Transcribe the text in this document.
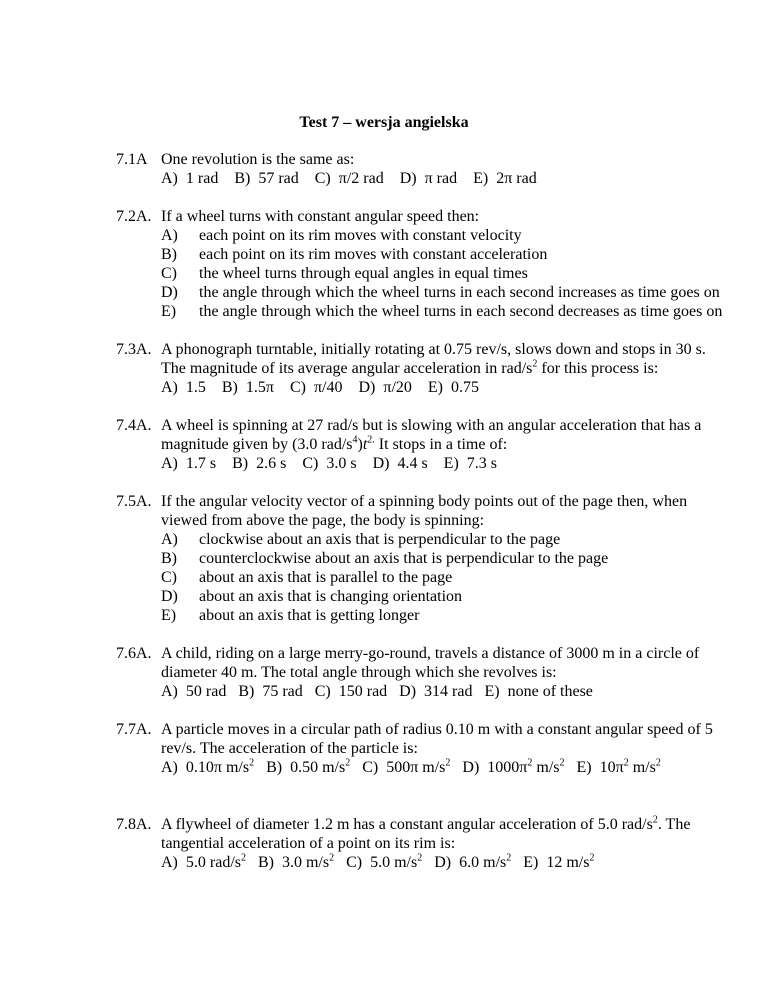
Test 7 – wersja angielska
7.1A One revolution is the same as:
A)  1 rad    B)  57 rad    C)  π/2 rad    D)  π rad    E)  2π rad
7.2A. If a wheel turns with constant angular speed then:
A)	each point on its rim moves with constant velocity
B)	each point on its rim moves with constant acceleration
C)	the wheel turns through equal angles in equal times
D)	the angle through which the wheel turns in each second increases as time goes on
E)	the angle through which the wheel turns in each second decreases as time goes on
7.3A. A phonograph turntable, initially rotating at 0.75 rev/s, slows down and stops in 30 s.
The magnitude of its average angular acceleration in rad/$s^2$ for this process is:
A)  1.5    B)  1.5π    C)  π/40    D)  π/20    E)  0.75
7.4A. A wheel is spinning at 27 rad/s but is slowing with an angular acceleration that has a
magnitude given by (3.0 rad/$s^4)t^{2.}$ It stops in a time of:
A)  1.7 s    B)  2.6 s    C)  3.0 s    D)  4.4 s    E)  7.3 s
7.5A. If the angular velocity vector of a spinning body points out of the page then, when
viewed from above the page, the body is spinning:
A)	clockwise about an axis that is perpendicular to the page
B)	counterclockwise about an axis that is perpendicular to the page
C)	about an axis that is parallel to the page
D)	about an axis that is changing orientation
E)	about an axis that is getting longer
7.6A. A child, riding on a large merry-go-round, travels a distance of 3000 m in a circle of
diameter 40 m. The total angle through which she revolves is:
A)  50 rad   B)  75 rad   C)  150 rad   D)  314 rad   E)  none of these
7.7A. A particle moves in a circular path of radius 0.10 m with a constant angular speed of 5
rev/s. The acceleration of the particle is:
A)  0.10π $m/s^2$   B)  0.50 $m/s^2$   C)  500π $m/s^2$   D)  $1000\pi^2$ $m/s^2$   E)  $10\pi^2$ $m/s^2$
7.8A. A flywheel of diameter 1.2 m has a constant angular acceleration of 5.0 rad/$s^2$. The
tangential acceleration of a point on its rim is:
A)  5.0 rad/$s^2$   B)  3.0 $m/s^2$   C)  5.0 $m/s^2$   D)  6.0 $m/s^2$   E)  12 $m/s^2$
